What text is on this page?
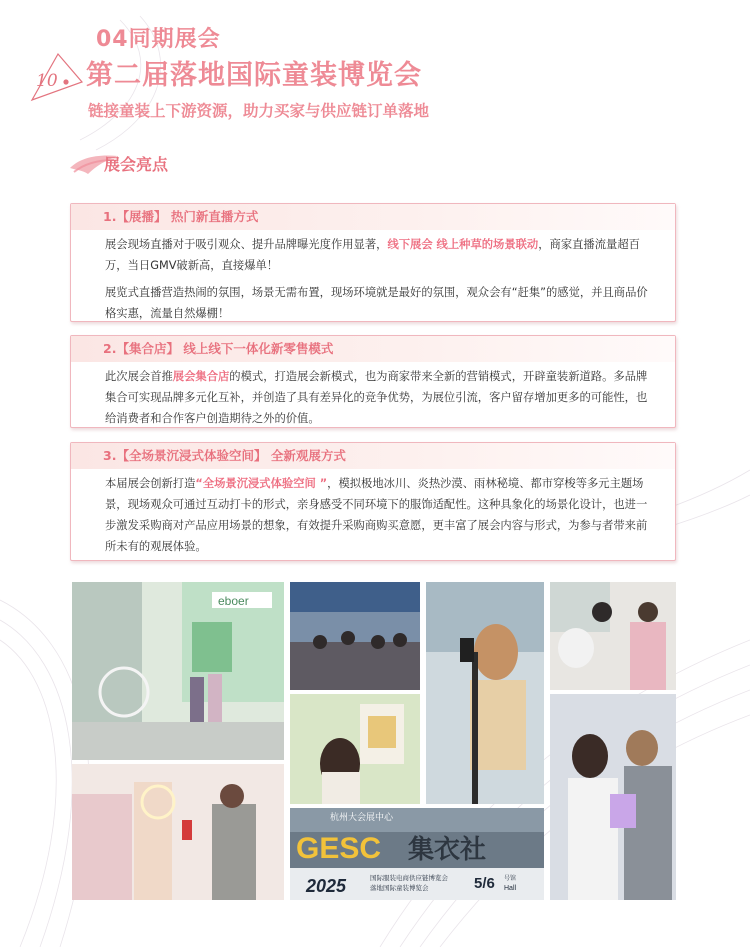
10
04同期展会
第二届落地国际童装博览会
链接童装上下游资源，助力买家与供应链订单落地
展会亮点
1.【展播】 热门新直播方式

展会现场直播对于吸引观众、提升品牌曝光度作用显著，线下展会 线上种草的场景联动，商家直播流量超百万，当日GMV破新高，直接爆单！

展览式直播营造热闹的氛围，场景无需布置，现场环境就是最好的氛围，观众会有“赶集”的感觉，并且商品价格实惠，流量自然爆棚！

2.【集合店】 线上线下一体化新零售模式

此次展会首推展会集合店的模式，打造展会新模式，也为商家带来全新的营销模式，开辟童装新道路。多品牌集合可实现品牌多元化互补，并创造了具有差异化的竞争优势，为展位引流，客户留存增加更多的可能性，也给消费者和合作客户创造期待之外的价值。

3.【全场景沉浸式体验空间】 全新观展方式

本届展会创新打造“全场景沉浸式体验空间 ”，模拟极地冰川、炎热沙漠、雨林秘境、都市穿梭等多元主题场景，现场观众可通过互动打卡的形式，亲身感受不同环境下的服饰适配性。这种具象化的场景化设计，也进一步激发采购商对产品应用场景的想象，有效提升采购商购买意愿，更丰富了展会内容与形式，为参与者带来前所未有的观展体验。

eboer
杭州大会展中心
GESC 集衣社
2025	国际服装电商供应链博览会
落地国际童装博览会	5/6 号馆
Hall
